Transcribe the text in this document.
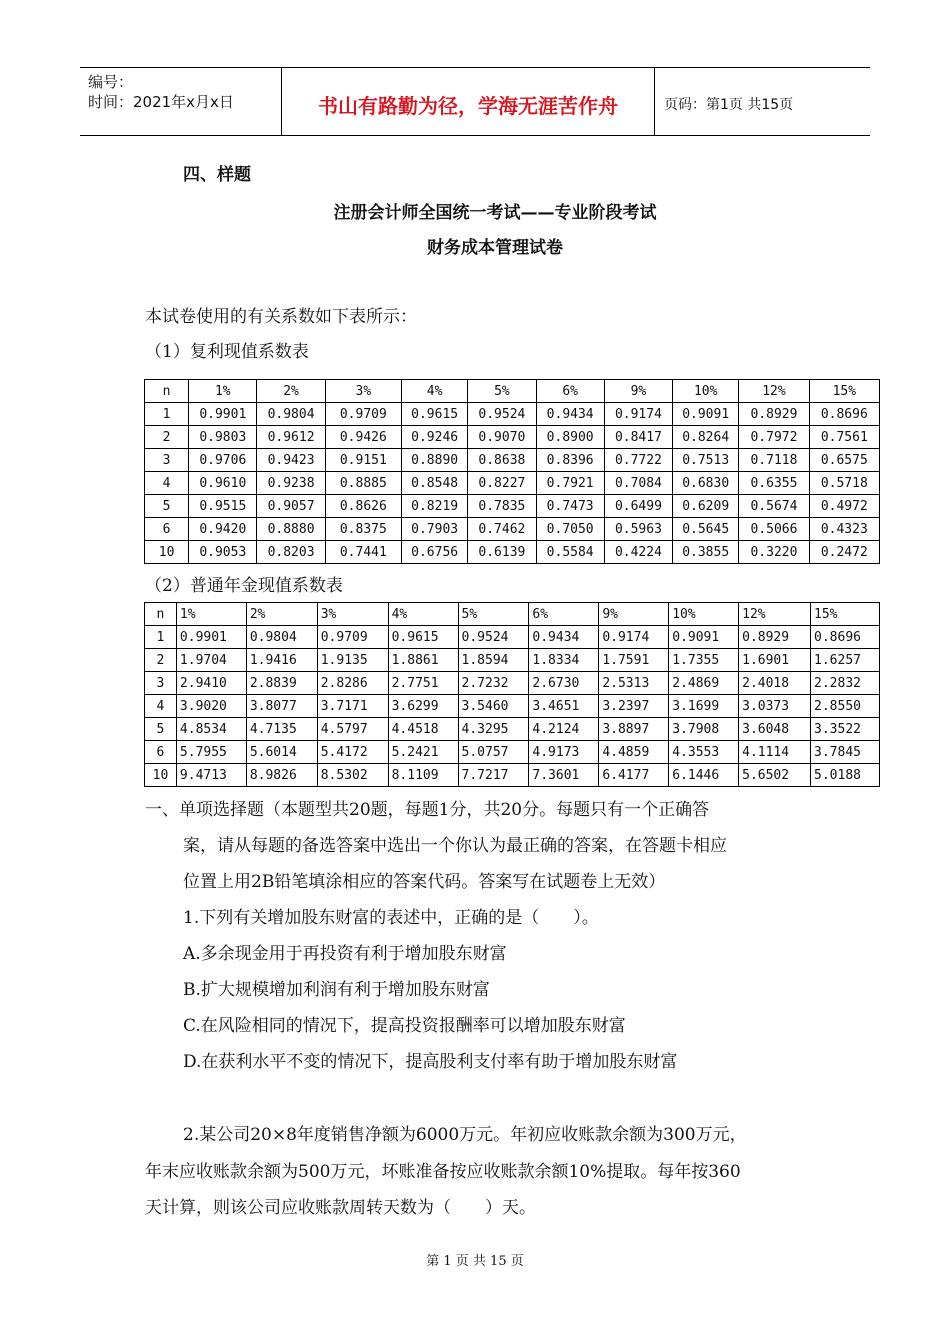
编号：
时间：2021年x月x日	书山有路勤为径，学海无涯苦作舟	页码：第1页 共15页
四、样题
注册会计师全国统一考试——专业阶段考试
财务成本管理试卷
本试卷使用的有关系数如下表所示：
（1）复利现值系数表
n	1%	2%	3%	4%	5%	6%	9%	10%	12%	15%
1	0.9901	0.9804	0.9709	0.9615	0.9524	0.9434	0.9174	0.9091	0.8929	0.8696
2	0.9803	0.9612	0.9426	0.9246	0.9070	0.8900	0.8417	0.8264	0.7972	0.7561
3	0.9706	0.9423	0.9151	0.8890	0.8638	0.8396	0.7722	0.7513	0.7118	0.6575
4	0.9610	0.9238	0.8885	0.8548	0.8227	0.7921	0.7084	0.6830	0.6355	0.5718
5	0.9515	0.9057	0.8626	0.8219	0.7835	0.7473	0.6499	0.6209	0.5674	0.4972
6	0.9420	0.8880	0.8375	0.7903	0.7462	0.7050	0.5963	0.5645	0.5066	0.4323
10	0.9053	0.8203	0.7441	0.6756	0.6139	0.5584	0.4224	0.3855	0.3220	0.2472
（2）普通年金现值系数表
n	1%	2%	3%	4%	5%	6%	9%	10%	12%	15%
1	0.9901	0.9804	0.9709	0.9615	0.9524	0.9434	0.9174	0.9091	0.8929	0.8696
2	1.9704	1.9416	1.9135	1.8861	1.8594	1.8334	1.7591	1.7355	1.6901	1.6257
3	2.9410	2.8839	2.8286	2.7751	2.7232	2.6730	2.5313	2.4869	2.4018	2.2832
4	3.9020	3.8077	3.7171	3.6299	3.5460	3.4651	3.2397	3.1699	3.0373	2.8550
5	4.8534	4.7135	4.5797	4.4518	4.3295	4.2124	3.8897	3.7908	3.6048	3.3522
6	5.7955	5.6014	5.4172	5.2421	5.0757	4.9173	4.4859	4.3553	4.1114	3.7845
10	9.4713	8.9826	8.5302	8.1109	7.7217	7.3601	6.4177	6.1446	5.6502	5.0188
一、单项选择题（本题型共20题，每题1分，共20分。每题只有一个正确答
案，请从每题的备选答案中选出一个你认为最正确的答案，在答题卡相应
位置上用2B铅笔填涂相应的答案代码。答案写在试题卷上无效）
1.下列有关增加股东财富的表述中，正确的是（　　）。
A.多余现金用于再投资有利于增加股东财富
B.扩大规模增加利润有利于增加股东财富
C.在风险相同的情况下，提高投资报酬率可以增加股东财富
D.在获利水平不变的情况下，提高股利支付率有助于增加股东财富
2.某公司20×8年度销售净额为6000万元。年初应收账款余额为300万元，
年末应收账款余额为500万元，坏账准备按应收账款余额10%提取。每年按360
天计算，则该公司应收账款周转天数为（　　）天。
第 1 页 共 15 页
